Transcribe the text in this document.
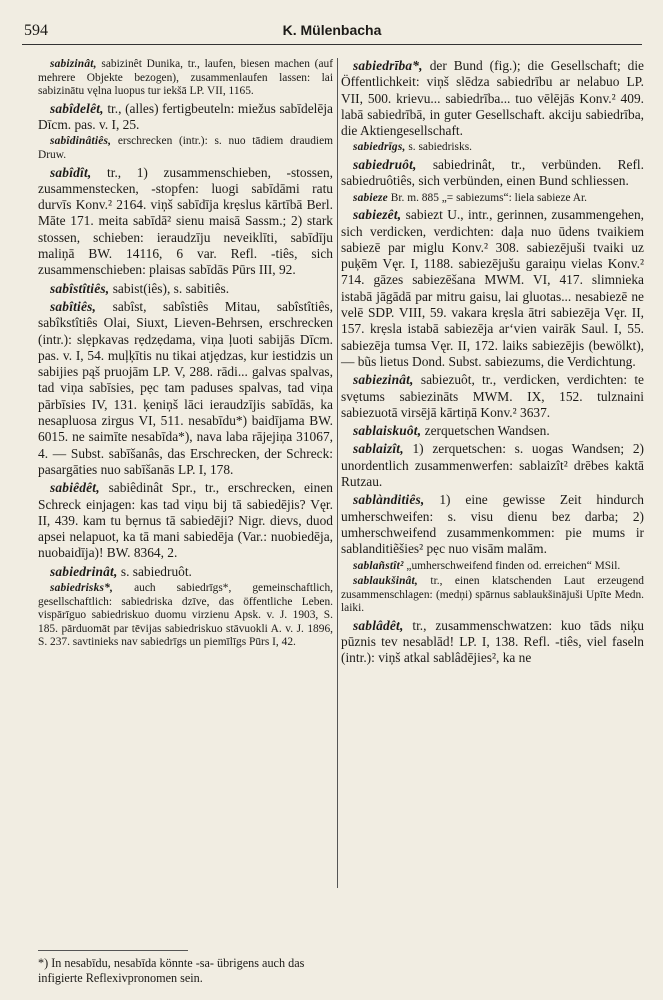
594	K. Mülenbacha

sabizinât, sabizinêt Dunika, tr., laufen, biesen machen (auf mehrere Objekte bezogen), zusammenlaufen lassen: lai sabizinātu vęlna luopus tur iekšā LP. VII, 1165.

sabîdelêt, tr., (alles) fertigbeuteln: miežus sabīdelēja Dīcm. pas. v. I, 25.

sabîdinâtiês, erschrecken (intr.): s. nuo tādiem draudiem Druw.

sabîdît, tr., 1) zusammenschieben, -stossen, zusammenstecken, -stopfen: luogi sabīdāmi ratu durvīs Konv.² 2164. viņš sabīdīja krẹslus kārtībā Berl. Māte 171. meita sabīdā² sienu maisā Sassm.; 2) stark stossen, schieben: ieraudzīju neveiklīti, sabīdīju maliņā BW. 14116, 6 var. Refl. -tiês, sich zusammenschieben: plaisas sabīdās Pūrs III, 92.

sabîstîtiês, sabist(iês), s. sabitiês.

sabîtiês, sabîst, sabîstiês Mitau, sabîstîtiês, sabîkstîtiês Olai, Siuxt, Lieven-Behrsen, erschrecken (intr.): slẹpkavas rẹdzẹdama, viņa ļuoti sabijās Dīcm. pas. v. I, 54. muļķītis nu tikai atjẹdzas, kur iestidzis un sabijies pąš pruojām LP. V, 288. rādi... galvas spalvas, tad viņa sabīsies, pẹc tam paduses spalvas, tad viņa pārbīsies IV, 131. ķeniņš lāci ieraudzījis sabīdās, ka nesapluosa zirgus VI, 511. nesabīdu*) baidījama BW. 6015. ne saimīte nesabīda*), nava laba rājejiņa 31067, 4. — Subst. sabīšanâs, das Erschrecken, der Schreck: pasargāties nuo sabīšanās LP. I, 178.

sabiêdêt, sabiêdinât Spr., tr., erschrecken, einen Schreck einjagen: kas tad viņu bij tā sabiedējis? Vęr. II, 439. kam tu bẹrnus tā sabiedēji? Nigr. dievs, duod apsei nelapuot, ka tā mani sabiedēja (Var.: nuobiedēja, nuobaidīja)! BW. 8364, 2.

sabiedrinât, s. sabiedruôt.

sabiedrisks*, auch sabiedrīgs*, gemeinschaftlich, gesellschaftlich: sabiedriska dzīve, das öffentliche Leben. vispārīguo sabiedriskuo duomu virzienu Apsk. v. J. 1903, S. 185. pārduomāt par tēvijas sabiedriskuo stāvuokli A. v. J. 1896, S. 237. savtinieks nav sabiedrīgs un piemīlīgs Pūrs I, 42.

sabiedrība*, der Bund (fig.); die Gesellschaft; die Öffentlichkeit: viņš slēdza sabiedrību ar nelabuo LP. VII, 500. krievu... sabiedrība... tuo vēlējās Konv.² 409. labā sabiedrībā, in guter Gesellschaft. akciju sabiedrība, die Aktiengesellschaft.

sabiedrīgs, s. sabiedrisks.

sabiedruôt, sabiedrinât, tr., verbünden. Refl. sabiedruôtiês, sich verbünden, einen Bund schliessen.

sabieze Br. m. 885 „= sabiezums“: liela sabieze Ar.

sabiezêt, sabiezt U., intr., gerinnen, zusammengehen, sich verdicken, verdichten: daļa nuo ūdens tvaikiem sabiezē par miglu Konv.² 308. sabiezējuši tvaiki uz puķēm Vęr. I, 1188. sabiezējušu garaiņu vielas Konv.² 714. gāzes sabiezēšana MWM. VI, 417. slimnieka istabā jāgādā par mitru gaisu, lai gluotas... nesabiezē ne velē SDP. VIII, 59. vakara krẹsla ātri sabiezēja Vęr. II, 157. krẹsla istabā sabiezēja ar‘vien vairāk Saul. I, 55. sabiezēja tumsa Vęr. II, 172. laiks sabiezējis (bewölkt), — bũs lietus Dond. Subst. sabiezums, die Verdichtung.

sabiezinât, sabiezuôt, tr., verdicken, verdichten: te svẹtums sabiezināts MWM. IX, 152. tulznaini sabiezuotā virsējā kārtiņā Konv.² 3637.

sablaiskuôt, zerquetschen Wandsen.

sablaizît, 1) zerquetschen: s. uogas Wandsen; 2) unordentlich zusammenwerfen: sablaizît² drēbes kaktā Rutzau.

sablànditiês, 1) eine gewisse Zeit hindurch umherschweifen: s. visu dienu bez darba; 2) umherschweifend zusammenkommen: pie mums ir sablanditiẽšies² pẹc nuo visām malām.

sablañstît² „umherschweifend finden od. erreichen“ MSil.

sablaukšinât, tr., einen klatschenden Laut erzeugend zusammenschlagen: (medņi) spārnus sablaukšinājuši Upīte Medn. laiki.

sablâdêt, tr., zusammenschwatzen: kuo tāds niķu pūznis tev nesablād! LP. I, 138. Refl. -tiês, viel faseln (intr.): viņš atkal sablâdējies², ka ne

*) In nesabīdu, nesabīda könnte -sa- übrigens auch das infigierte Reflexivpronomen sein.
